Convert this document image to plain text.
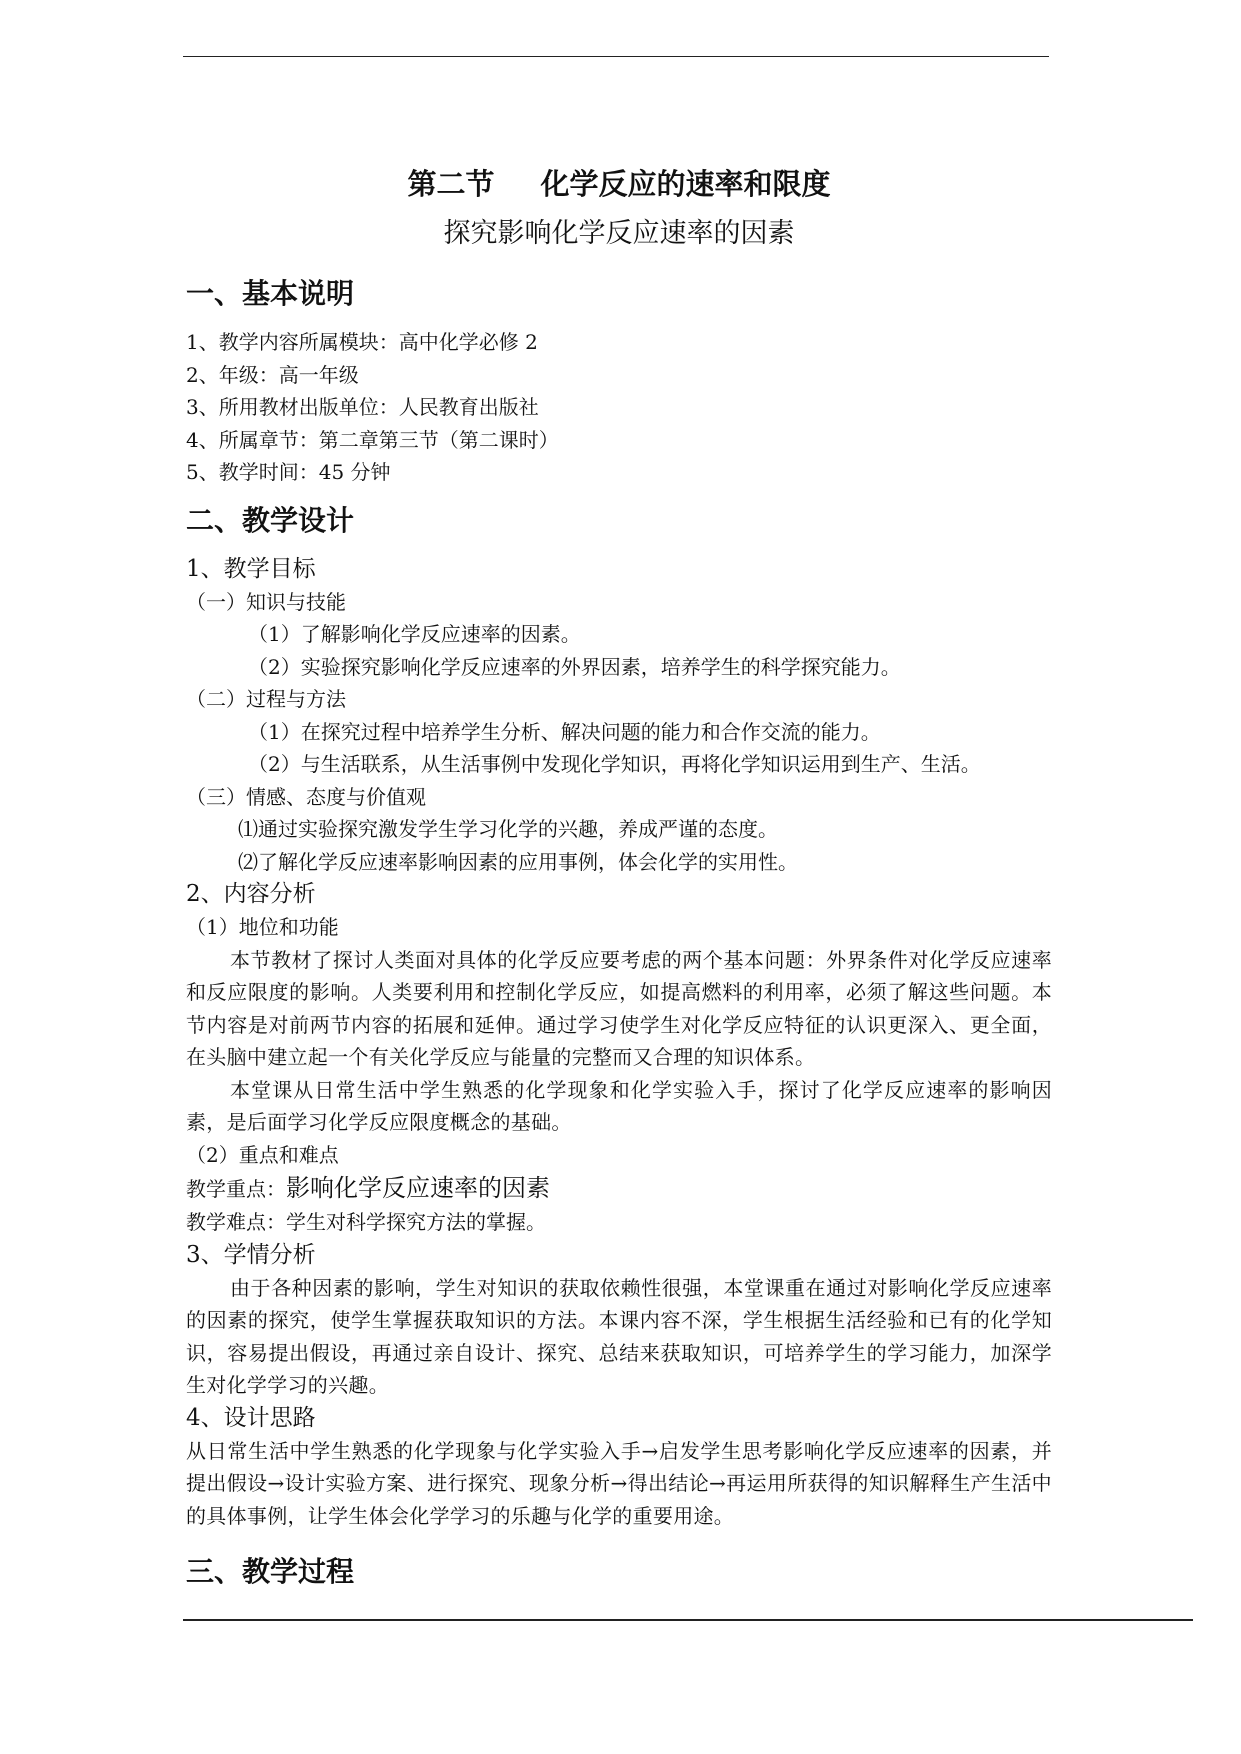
第二节 化学反应的速率和限度

探究影响化学反应速率的因素

一、基本说明

1、教学内容所属模块：高中化学必修 2

2、年级：高一年级

3、所用教材出版单位：人民教育出版社

4、所属章节：第二章第三节（第二课时）

5、教学时间：45 分钟

二、教学设计

1、教学目标

（一）知识与技能

（1）了解影响化学反应速率的因素。

（2）实验探究影响化学反应速率的外界因素，培养学生的科学探究能力。

（二）过程与方法

（1）在探究过程中培养学生分析、解决问题的能力和合作交流的能力。

（2）与生活联系，从生活事例中发现化学知识，再将化学知识运用到生产、生活。

（三）情感、态度与价值观

⑴通过实验探究激发学生学习化学的兴趣，养成严谨的态度。

⑵了解化学反应速率影响因素的应用事例，体会化学的实用性。

2、内容分析

（1）地位和功能

本节教材了探讨人类面对具体的化学反应要考虑的两个基本问题：外界条件对化学反应速率和反应限度的影响。人类要利用和控制化学反应，如提高燃料的利用率，必须了解这些问题。本节内容是对前两节内容的拓展和延伸。通过学习使学生对化学反应特征的认识更深入、更全面，在头脑中建立起一个有关化学反应与能量的完整而又合理的知识体系。

本堂课从日常生活中学生熟悉的化学现象和化学实验入手，探讨了化学反应速率的影响因素，是后面学习化学反应限度概念的基础。

（2）重点和难点

教学重点：影响化学反应速率的因素

教学难点：学生对科学探究方法的掌握。

3、学情分析

由于各种因素的影响，学生对知识的获取依赖性很强，本堂课重在通过对影响化学反应速率的因素的探究，使学生掌握获取知识的方法。本课内容不深，学生根据生活经验和已有的化学知识，容易提出假设，再通过亲自设计、探究、总结来获取知识，可培养学生的学习能力，加深学生对化学学习的兴趣。

4、设计思路

从日常生活中学生熟悉的化学现象与化学实验入手→启发学生思考影响化学反应速率的因素，并提出假设→设计实验方案、进行探究、现象分析→得出结论→再运用所获得的知识解释生产生活中的具体事例，让学生体会化学学习的乐趣与化学的重要用途。

三、教学过程
